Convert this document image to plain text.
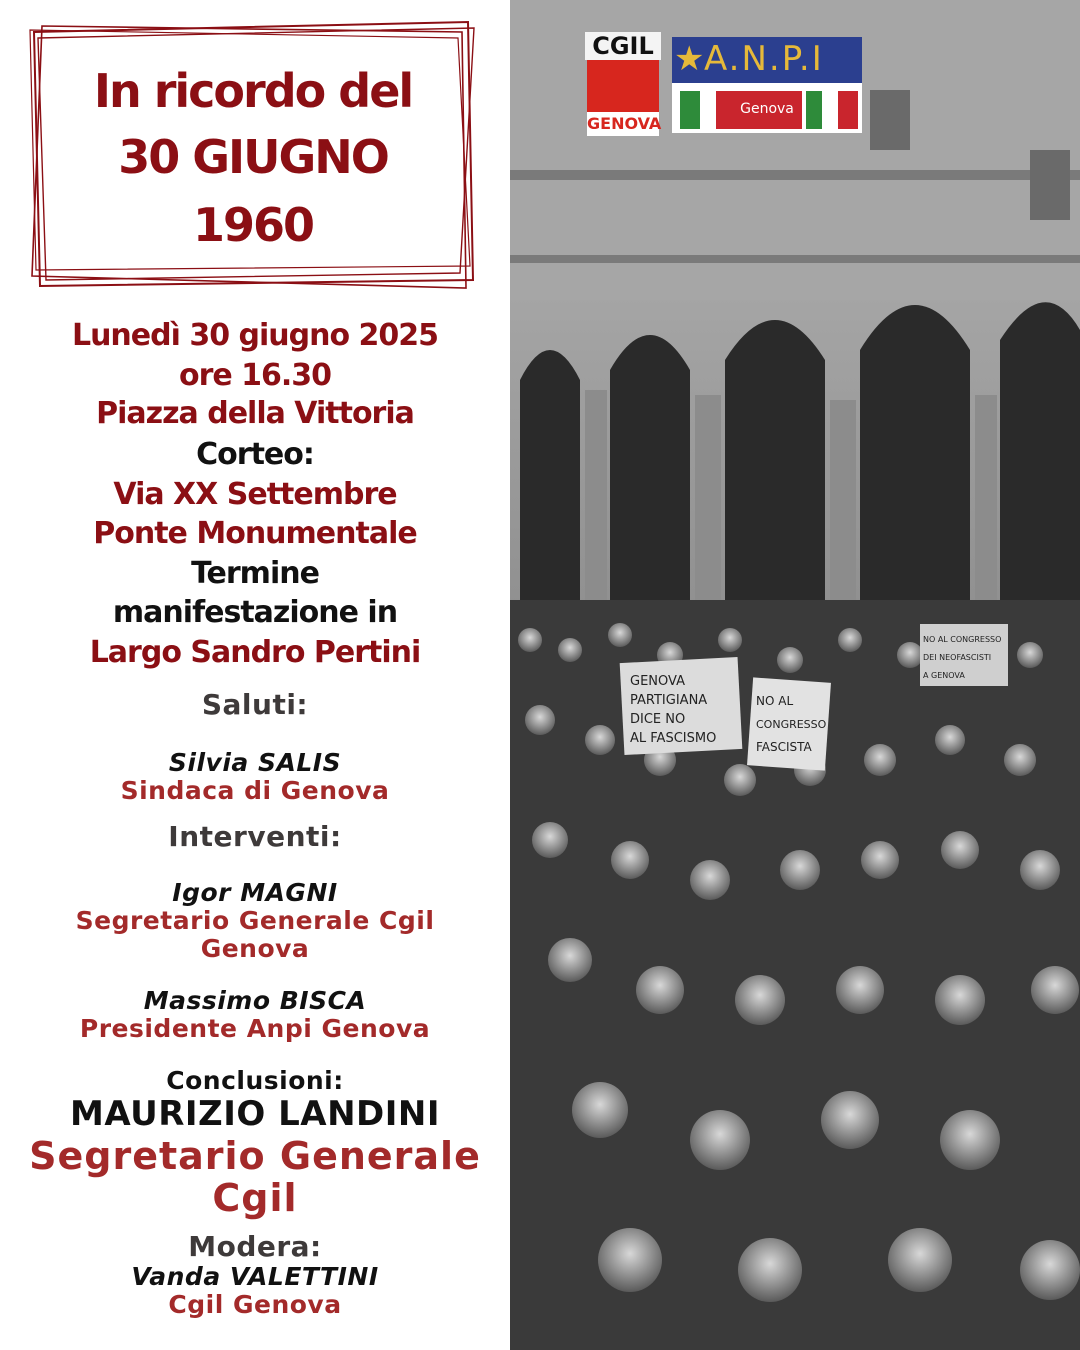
In ricordo del
30 GIUGNO
1960
Lunedì 30 giugno 2025
ore 16.30
Piazza della Vittoria
Corteo:
Via XX Settembre
Ponte Monumentale
Termine
manifestazione in
Largo Sandro Pertini
Saluti:
Silvia SALIS
Sindaca di Genova
Interventi:
Igor MAGNI
Segretario Generale Cgil
Genova
Massimo BISCA
Presidente Anpi Genova
Conclusioni:
MAURIZIO LANDINI
Segretario Generale
Cgil
Modera:
Vanda VALETTINI
Cgil Genova
GENOVA
PARTIGIANA
DICE NO
AL FASCISMO
NO AL
CONGRESSO
FASCISTA
NO AL CONGRESSO
DEI NEOFASCISTI
A GENOVA
CGIL
GENOVA
★ A.N.P.I
Genova
